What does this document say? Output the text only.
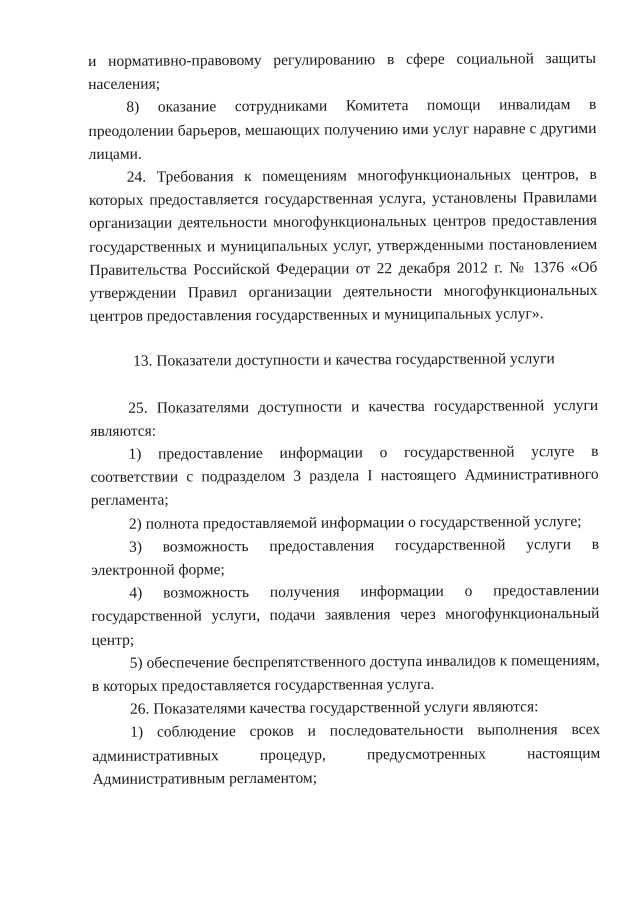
и нормативно-правовому регулированию в сфере социальной защиты населения;

8) оказание сотрудниками Комитета помощи инвалидам в преодолении барьеров, мешающих получению ими услуг наравне с другими лицами.

24. Требования к помещениям многофункциональных центров, в которых предоставляется государственная услуга, установлены Правилами организации деятельности многофункциональных центров предоставления государственных и муниципальных услуг, утвержденными постановлением Правительства Российской Федерации от 22 декабря 2012 г. № 1376 «Об утверждении Правил организации деятельности многофункциональных центров предоставления государственных и муниципальных услуг».

13. Показатели доступности и качества государственной услуги

25. Показателями доступности и качества государственной услуги являются:

1) предоставление информации о государственной услуге в соответствии с подразделом 3 раздела I настоящего Административного регламента;

2) полнота предоставляемой информации о государственной услуге;

3) возможность предоставления государственной услуги в электронной форме;

4) возможность получения информации о предоставлении государственной услуги, подачи заявления через многофункциональный центр;

5) обеспечение беспрепятственного доступа инвалидов к помещениям, в которых предоставляется государственная услуга.

26. Показателями качества государственной услуги являются:

1) соблюдение сроков и последовательности выполнения всех административных процедур, предусмотренных настоящим Административным регламентом;
